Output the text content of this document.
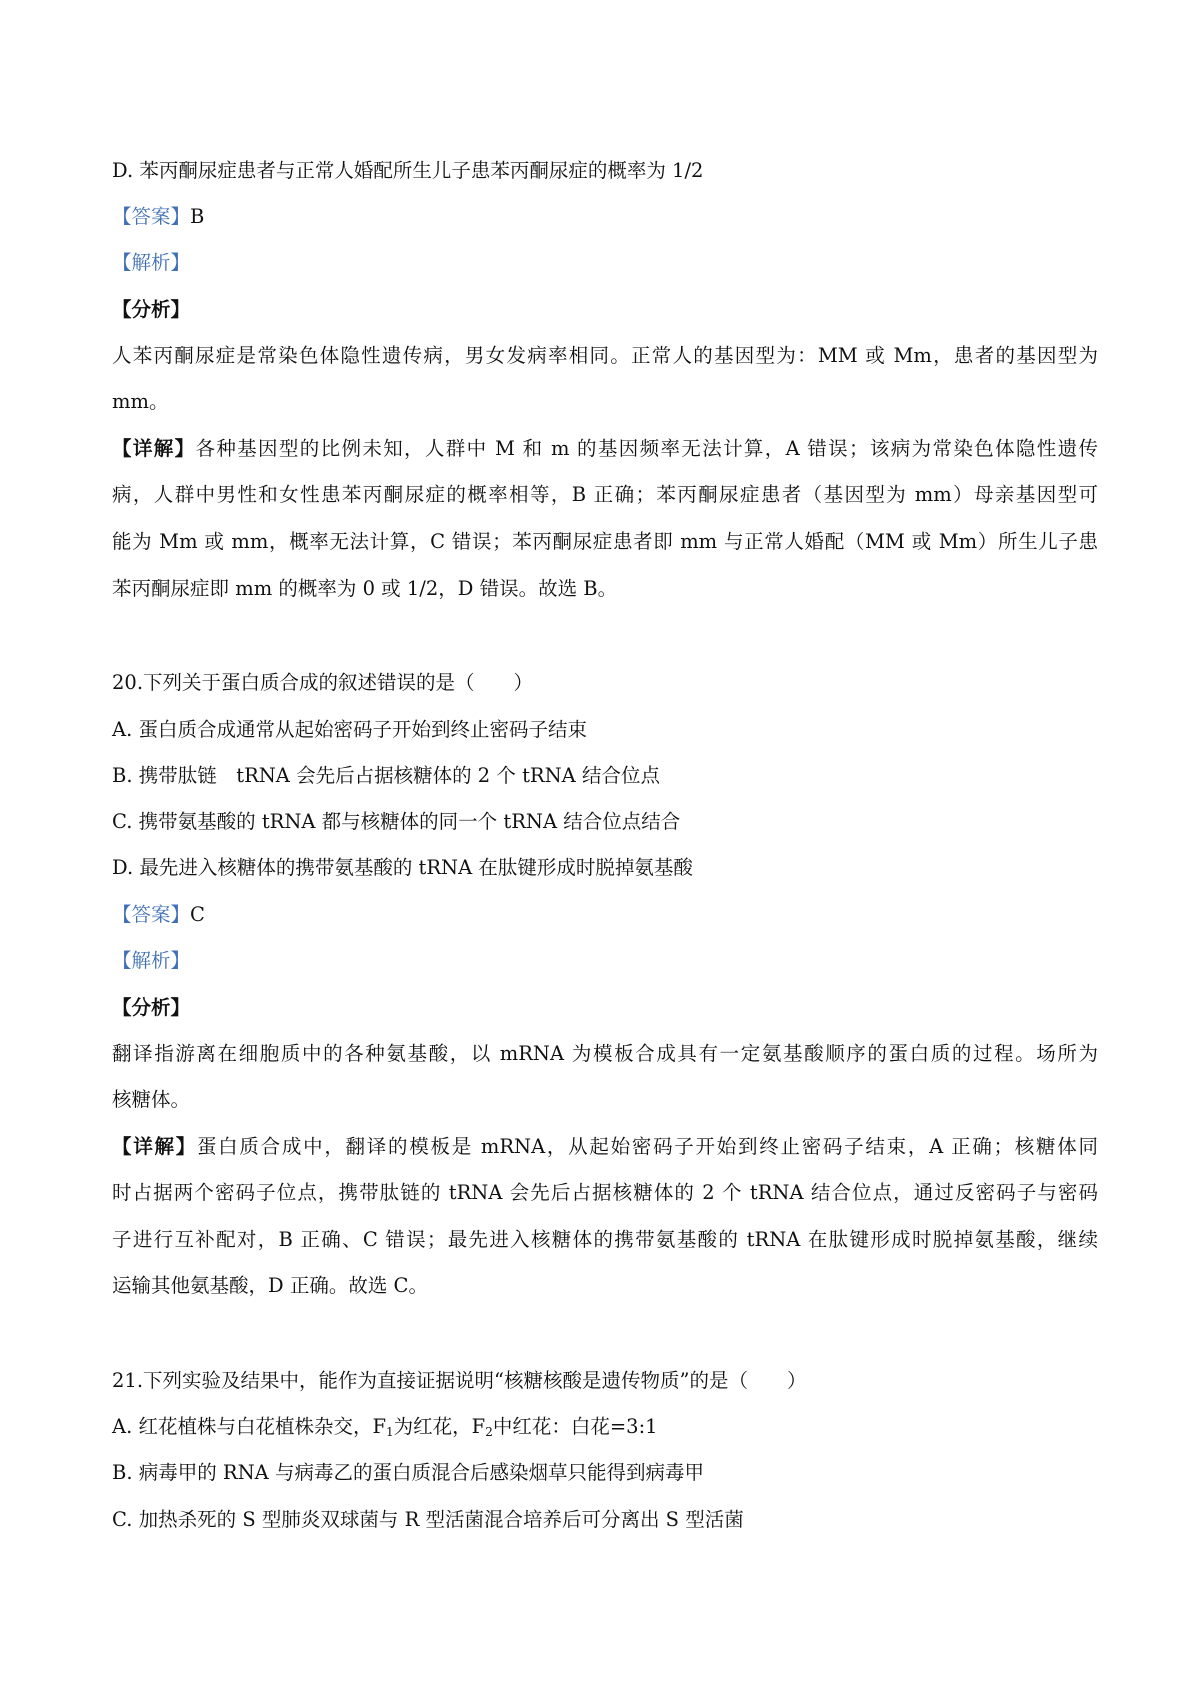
D. 苯丙酮尿症患者与正常人婚配所生儿子患苯丙酮尿症的概率为 1/2
【答案】B
【解析】
【分析】
人苯丙酮尿症是常染色体隐性遗传病，男女发病率相同。正常人的基因型为：MM 或 Mm，患者的基因型为
mm。
【详解】各种基因型的比例未知，人群中 M 和 m 的基因频率无法计算，A 错误；该病为常染色体隐性遗传
病，人群中男性和女性患苯丙酮尿症的概率相等，B 正确；苯丙酮尿症患者（基因型为 mm）母亲基因型可
能为 Mm 或 mm，概率无法计算，C 错误；苯丙酮尿症患者即 mm 与正常人婚配（MM 或 Mm）所生儿子患
苯丙酮尿症即 mm 的概率为 0 或 1/2，D 错误。故选 B。
20.下列关于蛋白质合成的叙述错误的是（　　）
A. 蛋白质合成通常从起始密码子开始到终止密码子结束
B. 携带肽链　tRNA 会先后占据核糖体的 2 个 tRNA 结合位点
C. 携带氨基酸的 tRNA 都与核糖体的同一个 tRNA 结合位点结合
D. 最先进入核糖体的携带氨基酸的 tRNA 在肽键形成时脱掉氨基酸
【答案】C
【解析】
【分析】
翻译指游离在细胞质中的各种氨基酸，以 mRNA 为模板合成具有一定氨基酸顺序的蛋白质的过程。场所为
核糖体。
【详解】蛋白质合成中，翻译的模板是 mRNA，从起始密码子开始到终止密码子结束，A 正确；核糖体同
时占据两个密码子位点，携带肽链的 tRNA 会先后占据核糖体的 2 个 tRNA 结合位点，通过反密码子与密码
子进行互补配对，B 正确、C 错误；最先进入核糖体的携带氨基酸的 tRNA 在肽键形成时脱掉氨基酸，继续
运输其他氨基酸，D 正确。故选 C。
21.下列实验及结果中，能作为直接证据说明“核糖核酸是遗传物质”的是（　　）
A. 红花植株与白花植株杂交，$F_1$为红花，$F_2$中红花：白花=3:1
B. 病毒甲的 RNA 与病毒乙的蛋白质混合后感染烟草只能得到病毒甲
C. 加热杀死的 S 型肺炎双球菌与 R 型活菌混合培养后可分离出 S 型活菌
